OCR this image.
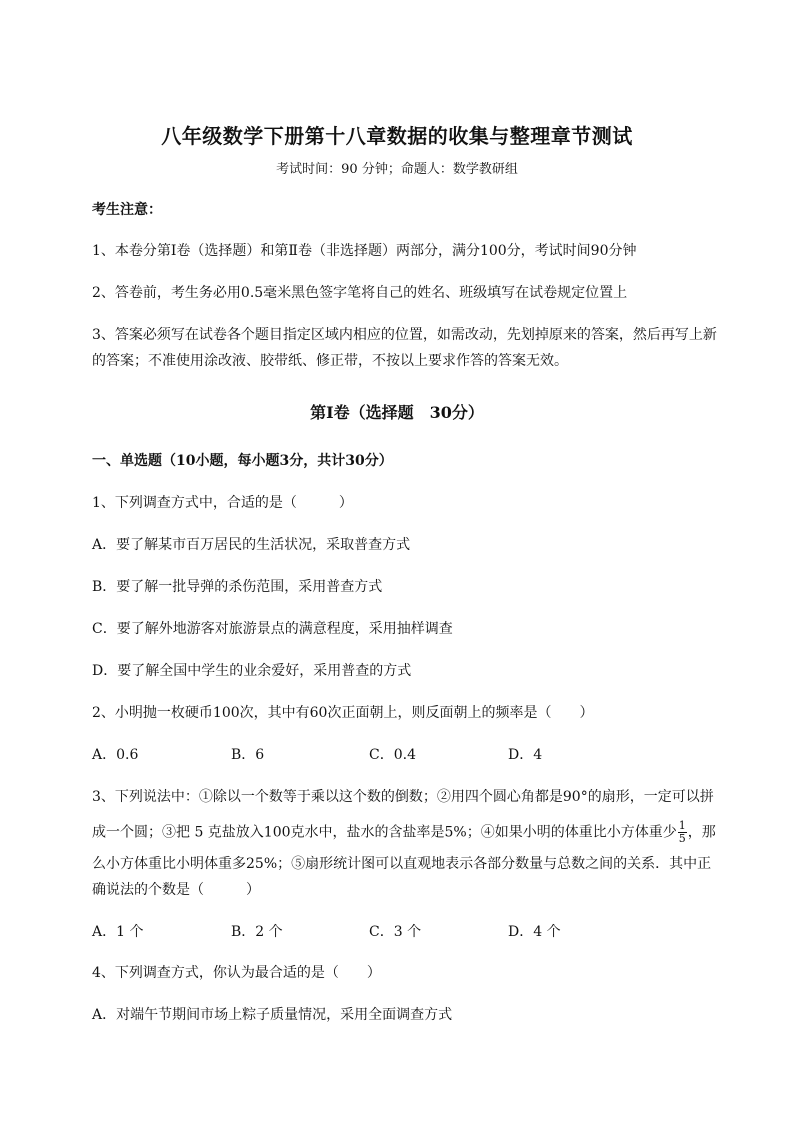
八年级数学下册第十八章数据的收集与整理章节测试
考试时间：90 分钟；命题人：数学教研组
考生注意：
1、本卷分第Ⅰ卷（选择题）和第Ⅱ卷（非选择题）两部分，满分100分，考试时间90分钟
2、答卷前，考生务必用0.5毫米黑色签字笔将自己的姓名、班级填写在试卷规定位置上
3、答案必须写在试卷各个题目指定区域内相应的位置，如需改动，先划掉原来的答案，然后再写上新
的答案；不准使用涂改液、胶带纸、修正带，不按以上要求作答的答案无效。
第Ⅰ卷（选择题　30分）
一、单选题（10小题，每小题3分，共计30分）
1、下列调查方式中，合适的是（　　　）
A．要了解某市百万居民的生活状况，采取普查方式
B．要了解一批导弹的杀伤范围，采用普查方式
C．要了解外地游客对旅游景点的满意程度，采用抽样调查
D．要了解全国中学生的业余爱好，采用普查的方式
2、小明抛一枚硬币100次，其中有60次正面朝上，则反面朝上的频率是（　　）
A．0.6	B．6	C．0.4	D．4
3、下列说法中：①除以一个数等于乘以这个数的倒数；②用四个圆心角都是90°的扇形，一定可以拼
成一个圆；③把 5 克盐放入100克水中，盐水的含盐率是5%；④如果小明的体重比小方体重少 $\frac{1}{5}$ ，那
么小方体重比小明体重多25%；⑤扇形统计图可以直观地表示各部分数量与总数之间的关系．其中正
确说法的个数是（　　　）
A．1 个	B．2 个	C．3 个	D．4 个
4、下列调查方式，你认为最合适的是（　　）
A．对端午节期间市场上粽子质量情况，采用全面调查方式
